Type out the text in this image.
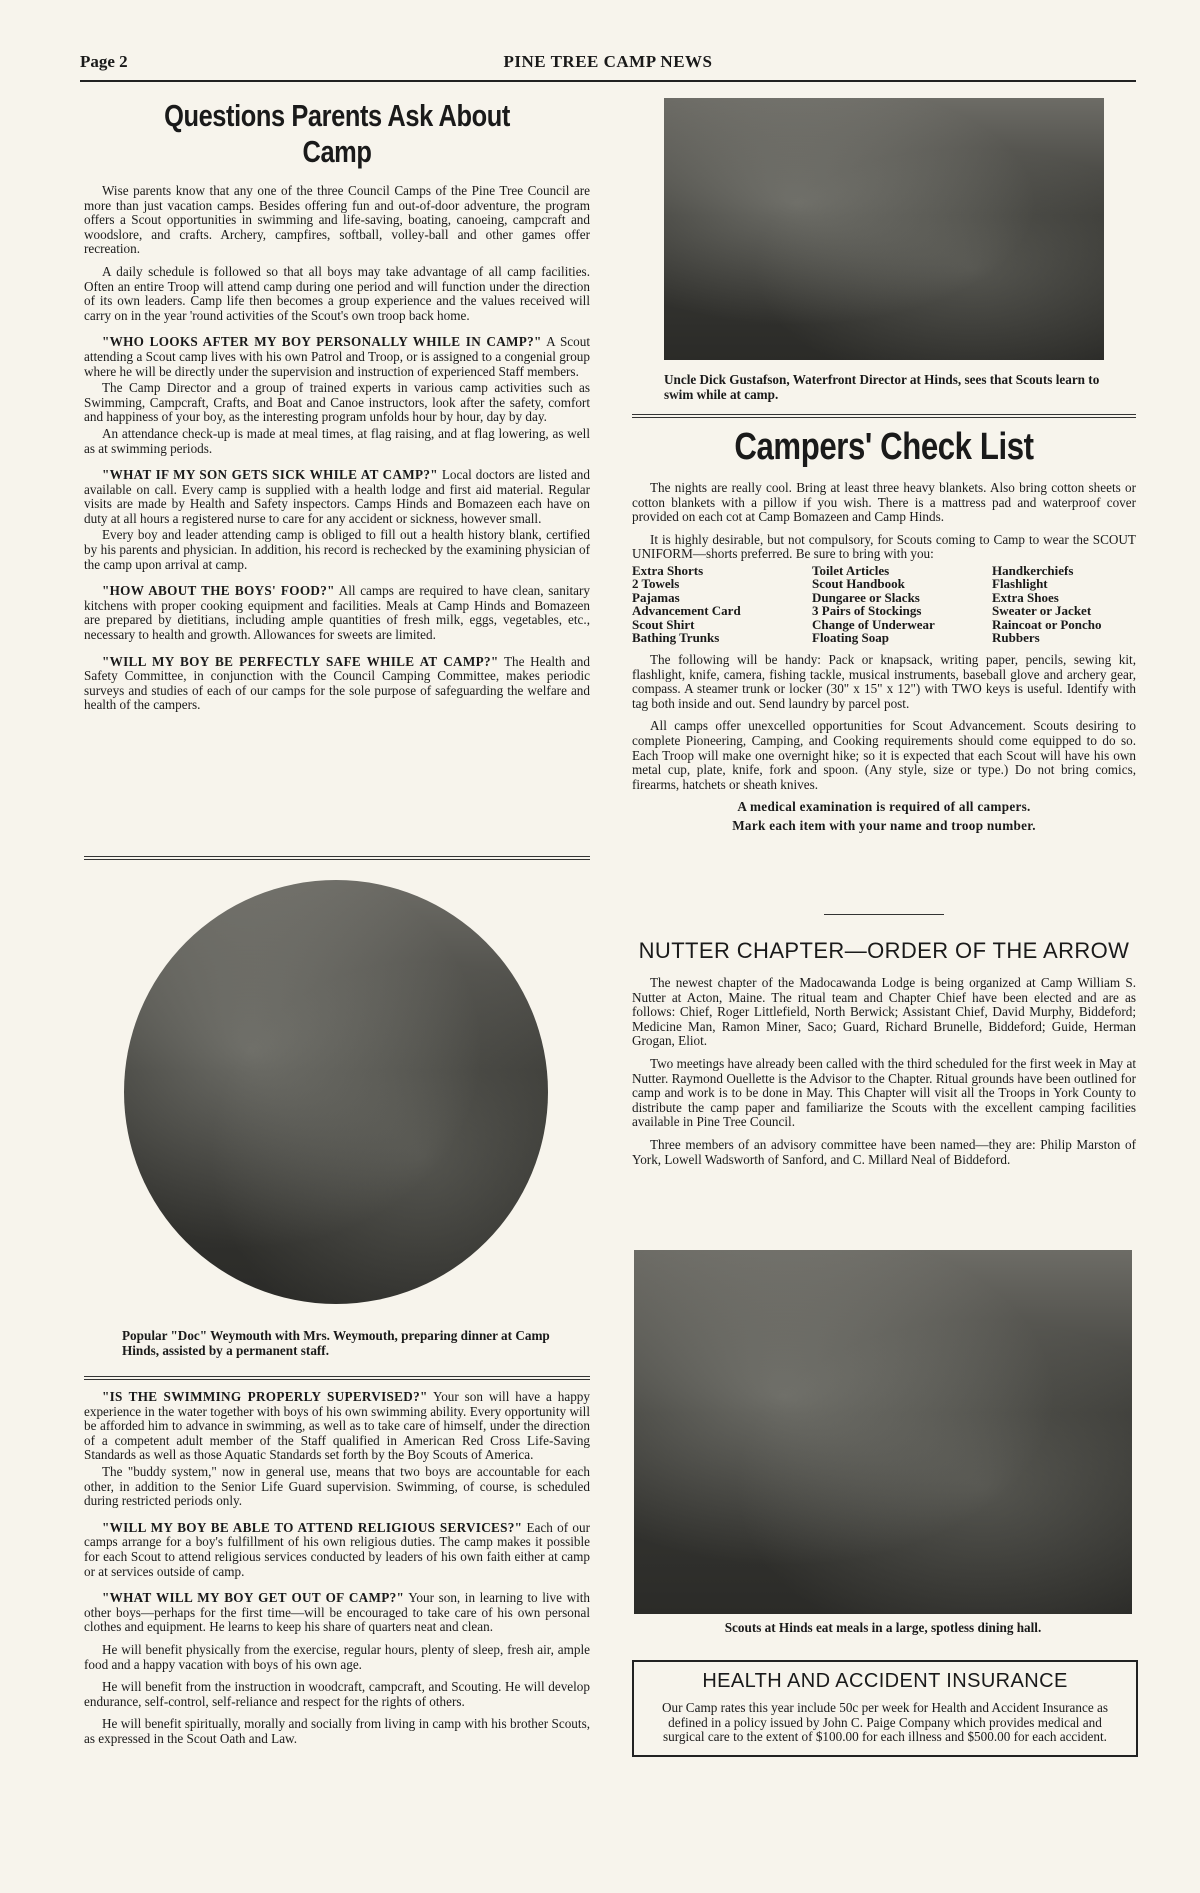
Page 2	PINE TREE CAMP NEWS
Questions Parents Ask About Camp

Wise parents know that any one of the three Council Camps of the Pine Tree Council are more than just vacation camps. Besides offering fun and out-of-door adventure, the program offers a Scout opportunities in swimming and life-saving, boating, canoeing, campcraft and woodslore, and crafts. Archery, campfires, softball, volley-ball and other games offer recreation.

A daily schedule is followed so that all boys may take advantage of all camp facilities. Often an entire Troop will attend camp during one period and will function under the direction of its own leaders. Camp life then becomes a group experience and the values received will carry on in the year 'round activities of the Scout's own troop back home.

"WHO LOOKS AFTER MY BOY PERSONALLY WHILE IN CAMP?" A Scout attending a Scout camp lives with his own Patrol and Troop, or is assigned to a congenial group where he will be directly under the supervision and instruction of experienced Staff members.

The Camp Director and a group of trained experts in various camp activities such as Swimming, Campcraft, Crafts, and Boat and Canoe instructors, look after the safety, comfort and happiness of your boy, as the interesting program unfolds hour by hour, day by day.

An attendance check-up is made at meal times, at flag raising, and at flag lowering, as well as at swimming periods.

"WHAT IF MY SON GETS SICK WHILE AT CAMP?" Local doctors are listed and available on call. Every camp is supplied with a health lodge and first aid material. Regular visits are made by Health and Safety inspectors. Camps Hinds and Bomazeen each have on duty at all hours a registered nurse to care for any accident or sickness, however small.

Every boy and leader attending camp is obliged to fill out a health history blank, certified by his parents and physician. In addition, his record is rechecked by the examining physician of the camp upon arrival at camp.

"HOW ABOUT THE BOYS' FOOD?" All camps are required to have clean, sanitary kitchens with proper cooking equipment and facilities. Meals at Camp Hinds and Bomazeen are prepared by dietitians, including ample quantities of fresh milk, eggs, vegetables, etc., necessary to health and growth. Allowances for sweets are limited.

"WILL MY BOY BE PERFECTLY SAFE WHILE AT CAMP?" The Health and Safety Committee, in conjunction with the Council Camping Committee, makes periodic surveys and studies of each of our camps for the sole purpose of safeguarding the welfare and health of the campers.

Popular "Doc" Weymouth with Mrs. Weymouth, preparing dinner at Camp Hinds, assisted by a permanent staff.

"IS THE SWIMMING PROPERLY SUPERVISED?" Your son will have a happy experience in the water together with boys of his own swimming ability. Every opportunity will be afforded him to advance in swimming, as well as to take care of himself, under the direction of a competent adult member of the Staff qualified in American Red Cross Life-Saving Standards as well as those Aquatic Standards set forth by the Boy Scouts of America.

The "buddy system," now in general use, means that two boys are accountable for each other, in addition to the Senior Life Guard supervision. Swimming, of course, is scheduled during restricted periods only.

"WILL MY BOY BE ABLE TO ATTEND RELIGIOUS SERVICES?" Each of our camps arrange for a boy's fulfillment of his own religious duties. The camp makes it possible for each Scout to attend religious services conducted by leaders of his own faith either at camp or at services outside of camp.

"WHAT WILL MY BOY GET OUT OF CAMP?" Your son, in learning to live with other boys—perhaps for the first time—will be encouraged to take care of his own personal clothes and equipment. He learns to keep his share of quarters neat and clean.

He will benefit physically from the exercise, regular hours, plenty of sleep, fresh air, ample food and a happy vacation with boys of his own age.

He will benefit from the instruction in woodcraft, campcraft, and Scouting. He will develop endurance, self-control, self-reliance and respect for the rights of others.

He will benefit spiritually, morally and socially from living in camp with his brother Scouts, as expressed in the Scout Oath and Law.

Uncle Dick Gustafson, Waterfront Director at Hinds, sees that Scouts learn to swim while at camp.
Campers' Check List

The nights are really cool. Bring at least three heavy blankets. Also bring cotton sheets or cotton blankets with a pillow if you wish. There is a mattress pad and waterproof cover provided on each cot at Camp Bomazeen and Camp Hinds.

It is highly desirable, but not compulsory, for Scouts coming to Camp to wear the SCOUT UNIFORM—shorts preferred. Be sure to bring with you:

Extra Shorts	Toilet Articles	Handkerchiefs
2 Towels	Scout Handbook	Flashlight
Pajamas	Dungaree or Slacks	Extra Shoes
Advancement Card	3 Pairs of Stockings	Sweater or Jacket
Scout Shirt	Change of Underwear	Raincoat or Poncho
Bathing Trunks	Floating Soap	Rubbers

The following will be handy: Pack or knapsack, writing paper, pencils, sewing kit, flashlight, knife, camera, fishing tackle, musical instruments, baseball glove and archery gear, compass. A steamer trunk or locker (30" x 15" x 12") with TWO keys is useful. Identify with tag both inside and out. Send laundry by parcel post.

All camps offer unexcelled opportunities for Scout Advancement. Scouts desiring to complete Pioneering, Camping, and Cooking requirements should come equipped to do so. Each Troop will make one overnight hike; so it is expected that each Scout will have his own metal cup, plate, knife, fork and spoon. (Any style, size or type.) Do not bring comics, firearms, hatchets or sheath knives.

A medical examination is required of all campers.

Mark each item with your name and troop number.

NUTTER CHAPTER—ORDER OF THE ARROW

The newest chapter of the Madocawanda Lodge is being organized at Camp William S. Nutter at Acton, Maine. The ritual team and Chapter Chief have been elected and are as follows: Chief, Roger Littlefield, North Berwick; Assistant Chief, David Murphy, Biddeford; Medicine Man, Ramon Miner, Saco; Guard, Richard Brunelle, Biddeford; Guide, Herman Grogan, Eliot.

Two meetings have already been called with the third scheduled for the first week in May at Nutter. Raymond Ouellette is the Advisor to the Chapter. Ritual grounds have been outlined for camp and work is to be done in May. This Chapter will visit all the Troops in York County to distribute the camp paper and familiarize the Scouts with the excellent camping facilities available in Pine Tree Council.

Three members of an advisory committee have been named—they are: Philip Marston of York, Lowell Wadsworth of Sanford, and C. Millard Neal of Biddeford.

Scouts at Hinds eat meals in a large, spotless dining hall.
HEALTH AND ACCIDENT INSURANCE

Our Camp rates this year include 50c per week for Health and Accident Insurance as defined in a policy issued by John C. Paige Company which provides medical and surgical care to the extent of $100.00 for each illness and $500.00 for each accident.
